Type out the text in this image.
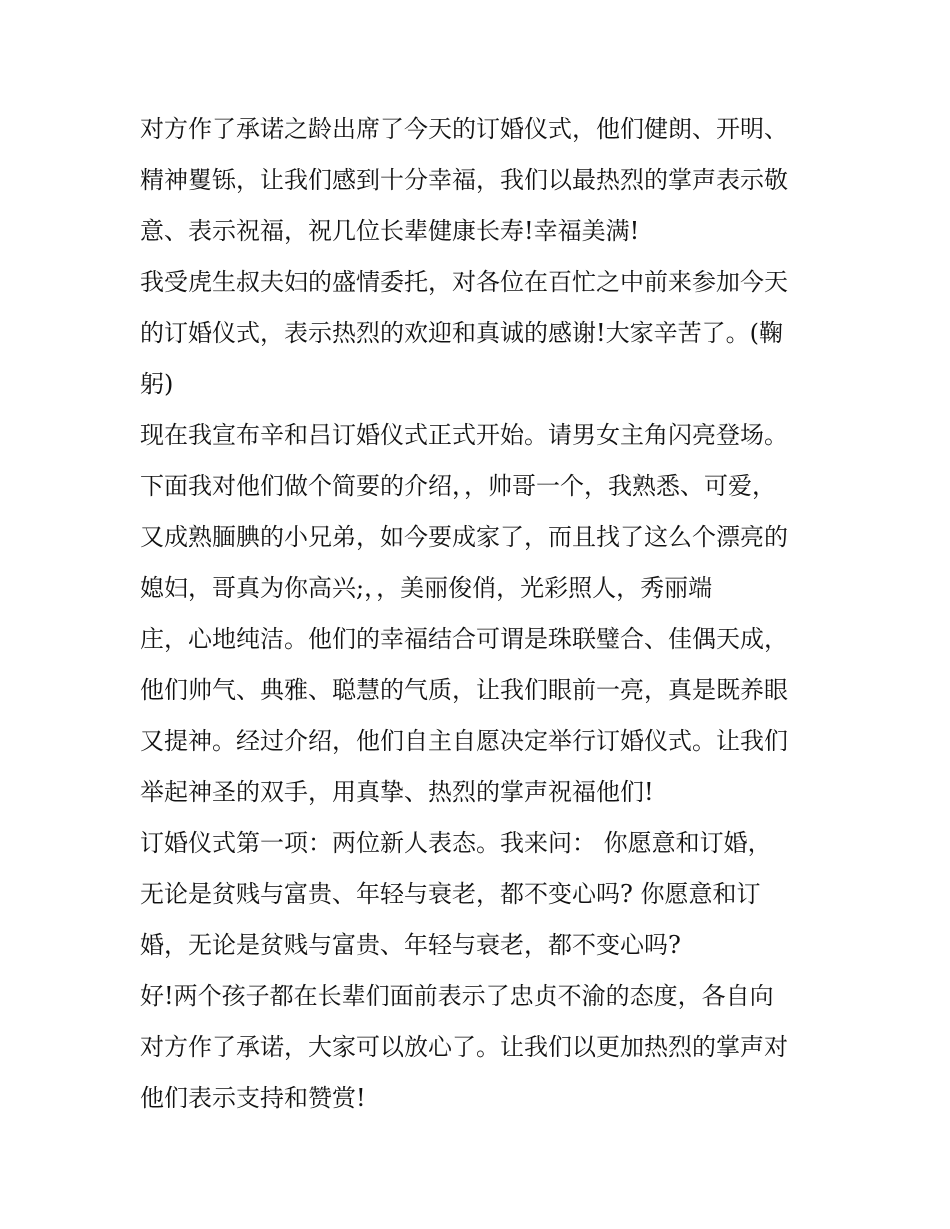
对方作了承诺之龄出席了今天的订婚仪式，他们健朗、开明、
精神矍铄，让我们感到十分幸福，我们以最热烈的掌声表示敬
意、表示祝福，祝几位长辈健康长寿!幸福美满!
我受虎生叔夫妇的盛情委托，对各位在百忙之中前来参加今天
的订婚仪式，表示热烈的欢迎和真诚的感谢!大家辛苦了。(鞠
躬)
现在我宣布辛和吕订婚仪式正式开始。请男女主角闪亮登场。
下面我对他们做个简要的介绍，，帅哥一个，我熟悉、可爱，
又成熟腼腆的小兄弟，如今要成家了，而且找了这么个漂亮的
媳妇，哥真为你高兴;，，美丽俊俏，光彩照人，秀丽端
庄，心地纯洁。他们的幸福结合可谓是珠联璧合、佳偶天成，
他们帅气、典雅、聪慧的气质，让我们眼前一亮，真是既养眼
又提神。经过介绍，他们自主自愿决定举行订婚仪式。让我们
举起神圣的双手，用真挚、热烈的掌声祝福他们!
订婚仪式第一项：两位新人表态。我来问： 你愿意和订婚，
无论是贫贱与富贵、年轻与衰老，都不变心吗? 你愿意和订
婚，无论是贫贱与富贵、年轻与衰老，都不变心吗?
好!两个孩子都在长辈们面前表示了忠贞不渝的态度，各自向
对方作了承诺，大家可以放心了。让我们以更加热烈的掌声对
他们表示支持和赞赏!
